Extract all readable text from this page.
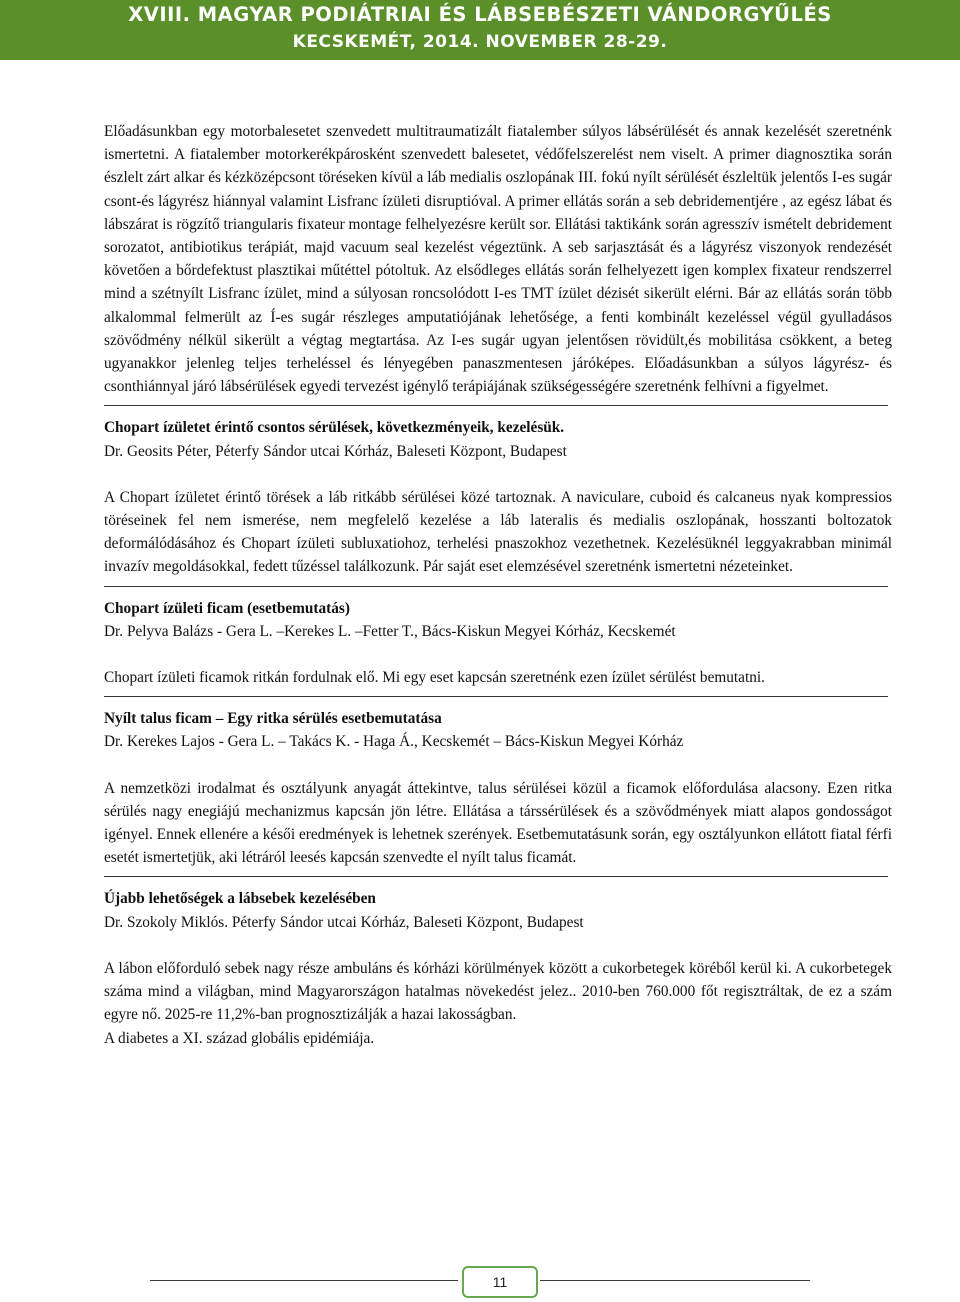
XVIII. MAGYAR PODIÁTRIAI ÉS LÁBSEBÉSZETI VÁNDORGYŰLÉS
KECSKEMÉT, 2014. NOVEMBER 28-29.

Előadásunkban egy motorbalesetet szenvedett multitraumatizált fiatalember súlyos lábsérülését és annak kezelését szeretnénk ismertetni. A fiatalember motorkerékpárosként szenvedett balesetet, védőfelszerelést nem viselt. A primer diagnosztika során észlelt zárt alkar és kézközépcsont töréseken kívül a láb medialis oszlopának III. fokú nyílt sérülését észleltük jelentős I-es sugár csont-és lágyrész hiánnyal valamint Lisfranc ízületi disruptióval. A primer ellátás során a seb debridementjére , az egész lábat és lábszárat is rögzítő triangularis fixateur montage felhelyezésre került sor. Ellátási taktikánk során agresszív ismételt debridement sorozatot, antibiotikus terápiát, majd vacuum seal kezelést végeztünk. A seb sarjasztását és a lágyrész viszonyok rendezését követően a bőrdefektust plasztikai műtéttel pótoltuk. Az elsődleges ellátás során felhelyezett igen komplex fixateur rendszerrel mind a szétnyílt Lisfranc ízület, mind a súlyosan roncsolódott I-es TMT ízület dézisét sikerült elérni. Bár az ellátás során több alkalommal felmerült az Í-es sugár részleges amputatiójának lehetősége, a fenti kombinált kezeléssel végül gyulladásos szövődmény nélkül sikerült a végtag megtartása. Az I-es sugár ugyan jelentősen rövidült,és mobilitása csökkent, a beteg ugyanakkor jelenleg teljes terheléssel és lényegében panaszmentesen járóképes. Előadásunkban a súlyos lágyrész- és csonthiánnyal járó lábsérülések egyedi tervezést igénylő terápiájának szükségességére szeretnénk felhívni a figyelmet.

Chopart ízületet érintő csontos sérülések, következményeik, kezelésük.

Dr. Geosits Péter, Péterfy Sándor utcai Kórház, Baleseti Központ, Budapest

A Chopart ízületet érintő törések a láb ritkább sérülései közé tartoznak. A naviculare, cuboid és calcaneus nyak kompressios töréseinek fel nem ismerése, nem megfelelő kezelése a láb lateralis és medialis oszlopának, hosszanti boltozatok deformálódásához és Chopart ízületi subluxatiohoz, terhelési pnaszokhoz vezethetnek. Kezelésüknél leggyakrabban minimál invazív megoldásokkal, fedett tűzéssel találkozunk. Pár saját eset elemzésével szeretnénk ismertetni nézeteinket.

Chopart ízületi ficam (esetbemutatás)

Dr. Pelyva Balázs - Gera L. –Kerekes L. –Fetter T., Bács-Kiskun Megyei Kórház, Kecskemét

Chopart ízületi ficamok ritkán fordulnak elő. Mi egy eset kapcsán szeretnénk ezen ízület sérülést bemutatni.

Nyílt talus ficam – Egy ritka sérülés esetbemutatása

Dr. Kerekes Lajos - Gera L. – Takács K. - Haga Á., Kecskemét – Bács-Kiskun Megyei Kórház

A nemzetközi irodalmat és osztályunk anyagát áttekintve, talus sérülései közül a ficamok előfordulása alacsony. Ezen ritka sérülés nagy enegiájú mechanizmus kapcsán jön létre. Ellátása a társsérülések és a szövődmények miatt alapos gondosságot igényel. Ennek ellenére a késői eredmények is lehetnek szerények. Esetbemutatásunk során, egy osztályunkon ellátott fiatal férfi esetét ismertetjük, aki létráról leesés kapcsán szenvedte el nyílt talus ficamát.

Újabb lehetőségek a lábsebek kezelésében

Dr. Szokoly Miklós. Péterfy Sándor utcai Kórház, Baleseti Központ, Budapest

A lábon előforduló sebek nagy része ambuláns és kórházi körülmények között a cukorbetegek köréből kerül ki. A cukorbetegek száma mind a világban, mind Magyarországon hatalmas növekedést jelez.. 2010-ben 760.000 főt regisztráltak, de ez a szám egyre nő. 2025-re 11,2%-ban prognosztizálják a hazai lakosságban.

A diabetes a XI. század globális epidémiája.

11
